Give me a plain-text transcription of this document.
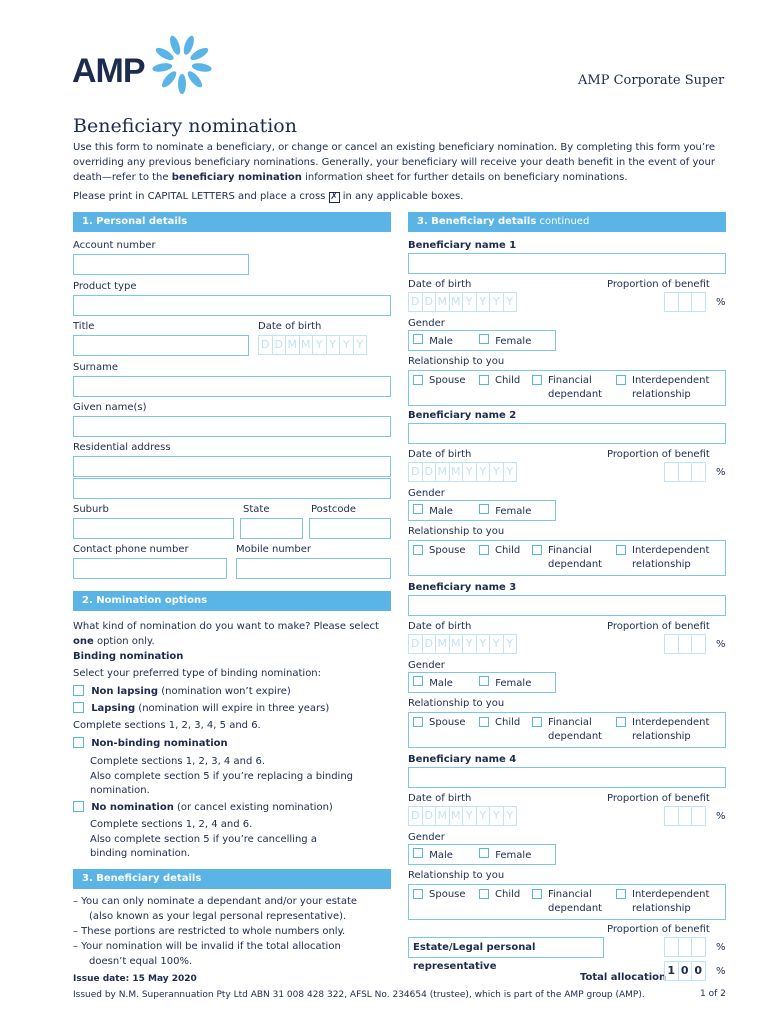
AMP	AMP Corporate Super
Beneficiary nomination
Use this form to nominate a beneficiary, or change or cancel an existing beneficiary nomination. By completing this form you’re
overriding any previous beneficiary nominations. Generally, your beneficiary will receive your death benefit in the event of your
death—refer to the beneficiary nomination information sheet for further details on beneficiary nominations.
Please print in CAPITAL LETTERS and place a cross ✗ in any applicable boxes.
1. Personal details
Account number
Product type
Title	Date of birth
D D M M Y Y Y Y
Surname
Given name(s)
Residential address
Suburb	State	Postcode
Contact phone number	Mobile number
2. Nomination options
What kind of nomination do you want to make? Please select
one option only.
Binding nomination
Select your preferred type of binding nomination:
Non lapsing (nomination won’t expire)
Lapsing (nomination will expire in three years)
Complete sections 1, 2, 3, 4, 5 and 6.
Non-binding nomination
Complete sections 1, 2, 3, 4 and 6.
Also complete section 5 if you’re replacing a binding
nomination.
No nomination (or cancel existing nomination)
Complete sections 1, 2, 4 and 6.
Also complete section 5 if you’re cancelling a
binding nomination.
3. Beneficiary details
– You can only nominate a dependant and/or your estate
(also known as your legal personal representative).
– These portions are restricted to whole numbers only.
– Your nomination will be invalid if the total allocation
doesn’t equal 100%.
3. Beneficiary details continued
Beneficiary name 1
Date of birth	Proportion of benefit
D D M M Y Y Y Y	%
Gender
Male	Female
Relationship to you
Spouse	Child	Financial
dependant
Interdependent
relationship
Beneficiary name 2
Date of birth	Proportion of benefit
D D M M Y Y Y Y	%
Gender
Male	Female
Relationship to you
Spouse	Child	Financial
dependant
Interdependent
relationship
Beneficiary name 3
Date of birth	Proportion of benefit
D D M M Y Y Y Y	%
Gender
Male	Female
Relationship to you
Spouse	Child	Financial
dependant
Interdependent
relationship
Beneficiary name 4
Date of birth	Proportion of benefit
D D M M Y Y Y Y	%
Gender
Male	Female
Relationship to you
Spouse	Child	Financial
dependant
Interdependent
relationship
Proportion of benefit
Estate/Legal personal representative
%
Total allocation
1 0 0	%
Issue date: 15 May 2020
Issued by N.M. Superannuation Pty Ltd ABN 31 008 428 322, AFSL No. 234654 (trustee), which is part of the AMP group (AMP).	1 of 2
